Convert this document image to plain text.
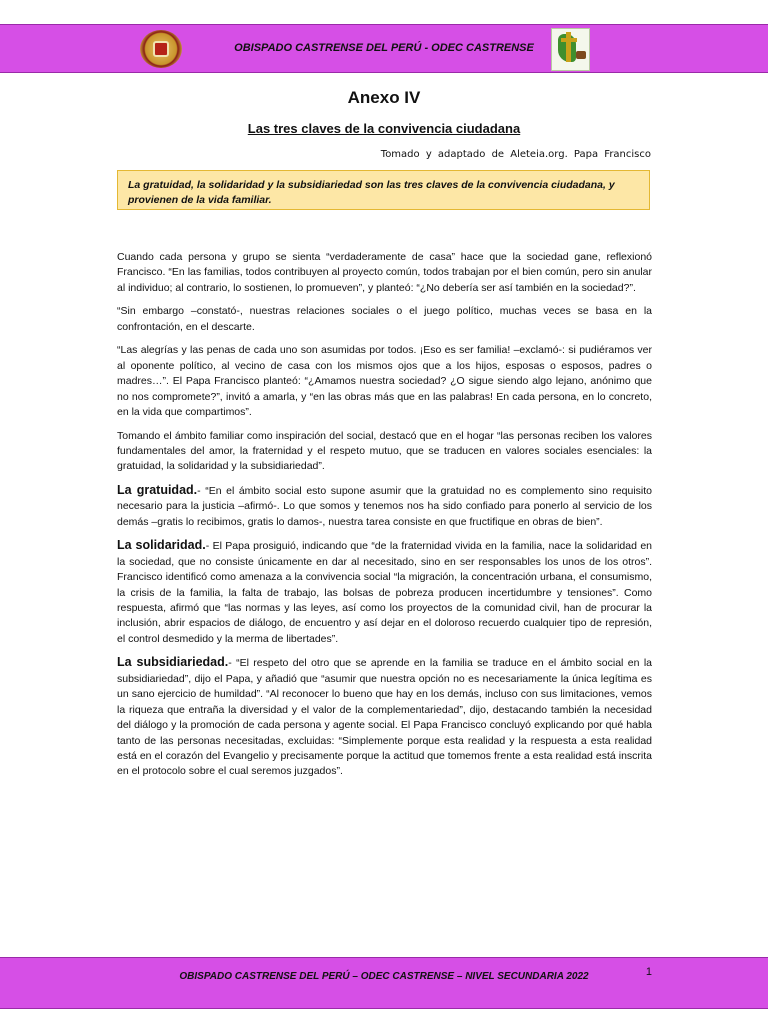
OBISPADO CASTRENSE DEL PERÚ - ODEC CASTRENSE
Anexo IV
Las tres claves de la convivencia ciudadana
Tomado y adaptado de Aleteia.org. Papa Francisco
La gratuidad, la solidaridad y la subsidiariedad son las tres claves de la convivencia ciudadana, y provienen de la vida familiar.

Cuando cada persona y grupo se sienta “verdaderamente de casa” hace que la sociedad gane, reflexionó Francisco. “En las familias, todos contribuyen al proyecto común, todos trabajan por el bien común, pero sin anular al individuo; al contrario, lo sostienen, lo promueven”, y planteó: “¿No debería ser así también en la sociedad?”.

“Sin embargo –constató-, nuestras relaciones sociales o el juego político, muchas veces se basa en la confrontación, en el descarte.

“Las alegrías y las penas de cada uno son asumidas por todos. ¡Eso es ser familia! –exclamó-: si pudiéramos ver al oponente político, al vecino de casa con los mismos ojos que a los hijos, esposas o esposos, padres o madres…”. El Papa Francisco planteó: “¿Amamos nuestra sociedad? ¿O sigue siendo algo lejano, anónimo que no nos compromete?”, invitó a amarla, y “en las obras más que en las palabras! En cada persona, en lo concreto, en la vida que compartimos”.

Tomando el ámbito familiar como inspiración del social, destacó que en el hogar “las personas reciben los valores fundamentales del amor, la fraternidad y el respeto mutuo, que se traducen en valores sociales esenciales: la gratuidad, la solidaridad y la subsidiariedad”.

La gratuidad.- “En el ámbito social esto supone asumir que la gratuidad no es complemento sino requisito necesario para la justicia –afirmó-. Lo que somos y tenemos nos ha sido confiado para ponerlo al servicio de los demás –gratis lo recibimos, gratis lo damos-, nuestra tarea consiste en que fructifique en obras de bien”.

La solidaridad.- El Papa prosiguió, indicando que “de la fraternidad vivida en la familia, nace la solidaridad en la sociedad, que no consiste únicamente en dar al necesitado, sino en ser responsables los unos de los otros”. Francisco identificó como amenaza a la convivencia social “la migración, la concentración urbana, el consumismo, la crisis de la familia, la falta de trabajo, las bolsas de pobreza producen incertidumbre y tensiones”. Como respuesta, afirmó que “las normas y las leyes, así como los proyectos de la comunidad civil, han de procurar la inclusión, abrir espacios de diálogo, de encuentro y así dejar en el doloroso recuerdo cualquier tipo de represión, el control desmedido y la merma de libertades”.

La subsidiariedad.- “El respeto del otro que se aprende en la familia se traduce en el ámbito social en la subsidiariedad”, dijo el Papa, y añadió que “asumir que nuestra opción no es necesariamente la única legítima es un sano ejercicio de humildad”. “Al reconocer lo bueno que hay en los demás, incluso con sus limitaciones, vemos la riqueza que entraña la diversidad y el valor de la complementariedad”, dijo, destacando también la necesidad del diálogo y la promoción de cada persona y agente social. El Papa Francisco concluyó explicando por qué habla tanto de las personas necesitadas, excluidas: “Simplemente porque esta realidad y la respuesta a esta realidad está en el corazón del Evangelio y precisamente porque la actitud que tomemos frente a esta realidad está inscrita en el protocolo sobre el cual seremos juzgados”.

OBISPADO CASTRENSE DEL PERÚ – ODEC CASTRENSE – NIVEL SECUNDARIA 2022	1
